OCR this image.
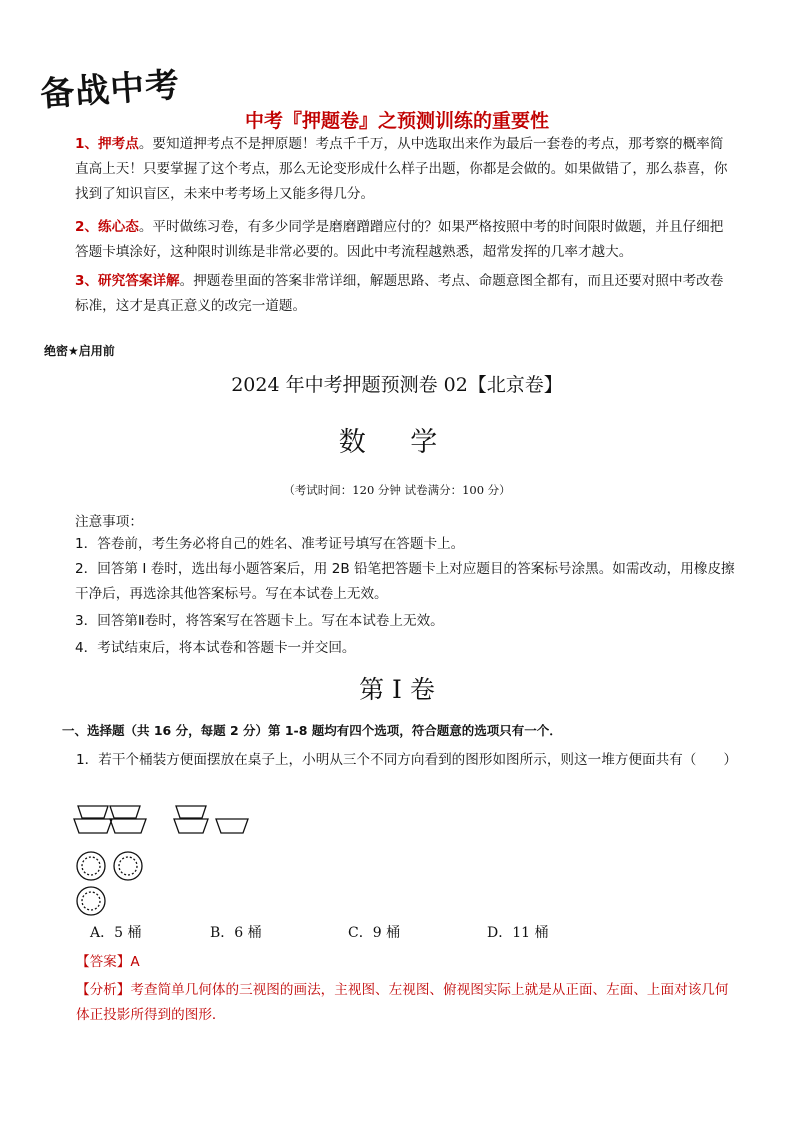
备战中考
中考『押题卷』之预测训练的重要性
1、押考点。要知道押考点不是押原题！考点千千万，从中选取出来作为最后一套卷的考点，那考察的概率简直高上天！只要掌握了这个考点，那么无论变形成什么样子出题，你都是会做的。如果做错了，那么恭喜，你找到了知识盲区，未来中考考场上又能多得几分。
2、练心态。平时做练习卷，有多少同学是磨磨蹭蹭应付的？如果严格按照中考的时间限时做题，并且仔细把答题卡填涂好，这种限时训练是非常必要的。因此中考流程越熟悉，超常发挥的几率才越大。
3、研究答案详解。押题卷里面的答案非常详细，解题思路、考点、命题意图全都有，而且还要对照中考改卷标准，这才是真正意义的改完一道题。
绝密★启用前
2024 年中考押题预测卷 02【北京卷】
数 学
（考试时间：120 分钟 试卷满分：100 分）
注意事项：
1．答卷前，考生务必将自己的姓名、准考证号填写在答题卡上。
2．回答第 I 卷时，选出每小题答案后，用 2B 铅笔把答题卡上对应题目的答案标号涂黑。如需改动，用橡皮擦干净后，再选涂其他答案标号。写在本试卷上无效。
3．回答第Ⅱ卷时，将答案写在答题卡上。写在本试卷上无效。
4．考试结束后，将本试卷和答题卡一并交回。
第 I 卷
一、选择题（共 16 分，每题 2 分）第 1-8 题均有四个选项，符合题意的选项只有一个．
1．若干个桶装方便面摆放在桌子上，小明从三个不同方向看到的图形如图所示，则这一堆方便面共有（　　）
A．5 桶	B．6 桶	C．9 桶	D．11 桶
【答案】A
【分析】考查简单几何体的三视图的画法，主视图、左视图、俯视图实际上就是从正面、左面、上面对该几何体正投影所得到的图形．
